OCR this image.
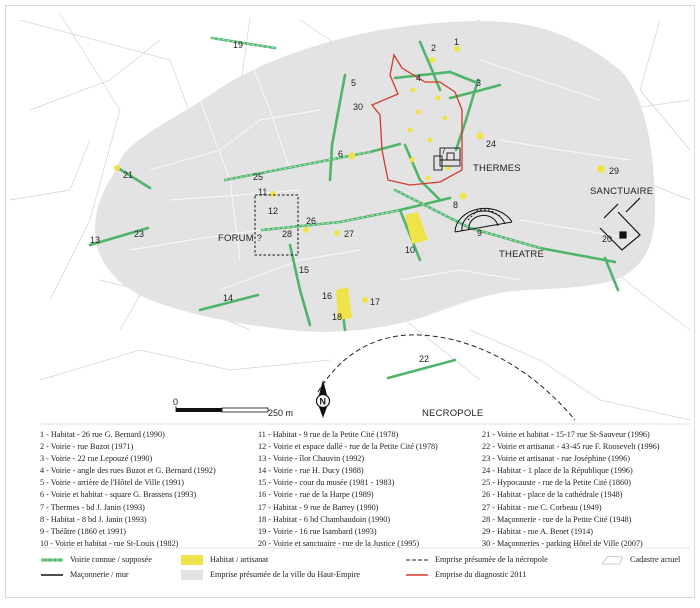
1
2
3
4
5
6	7
8
9
10
11
12
13
14
15
16
17
18
19
20
21
22
23
24
25
26
27
28
29
30
THERMES
SANCTUAIRE
THEATRE
FORUM ?
NECROPOLE
0
250 m
N
1 - Habitat - 26 rue G. Bernard (1990)
2 - Voirie - rue Buzot (1971)
3 - Voirie - 22 rue Lepouzé (1990)
4 - Voirie - angle des rues Buzot et G. Bernard (1992)
5 - Voirie - arrière de l'Hôtel de Ville (1991)
6 - Voirie et habitat - square G. Brassens (1993)
7 - Thermes - bd J. Janin (1993)
8 - Habitat - 8 bd J. Janin (1993)
9 - Théâtre (1860 et 1991)
10 - Voirie et habitat - rue St-Louis (1982)
11 - Habitat - 9 rue de la Petite Cité (1978)
12 - Voirie et espace dallé - rue de la Petite Cité (1978)
13 - Voirie - îlot Chauvin (1992)
14 - Voirie - rue H. Ducy (1988)
15 - Voirie - cour du musée (1981 - 1983)
16 - Voirie - rue de la Harpe (1989)
17 - Habitat - 9 rue de Barrey (1990)
18 - Habitat - 6 bd Chambaudoin (1990)
19 - Voirie - 16 rue Isambard (1993)
20 - Voirie et sanctuaire - rue de la Justice (1995)
21 - Voirie et habitat - 15-17 rue St-Sauveur (1996)
22 - Voirie et artisanat - 43-45 rue F. Roosevelt (1996)
23 - Voirie et artisanat - rue Joséphine (1996)
24 - Habitat - 1 place de la République (1996)
25 - Hypocauste - rue de la Petite Cité (1860)
26 - Habitat - place de la cathédrale (1948)
27 - Habitat - rue C. Corbeau (1949)
28 - Maçonnerie - rue de la Petite Cité (1948)
29 - Habitat - rue A. Benet (1914)
30 - Maçonneries - parking Hôtel de Ville (2007)
Voirie connue / supposée
Maçonnerie / mur
Habitat / artisanat
Emprise présumée de la ville du Haut-Empire
Emprise présumée de la nécropole
Emprise du diagnostic 2011
Cadastre actuel
